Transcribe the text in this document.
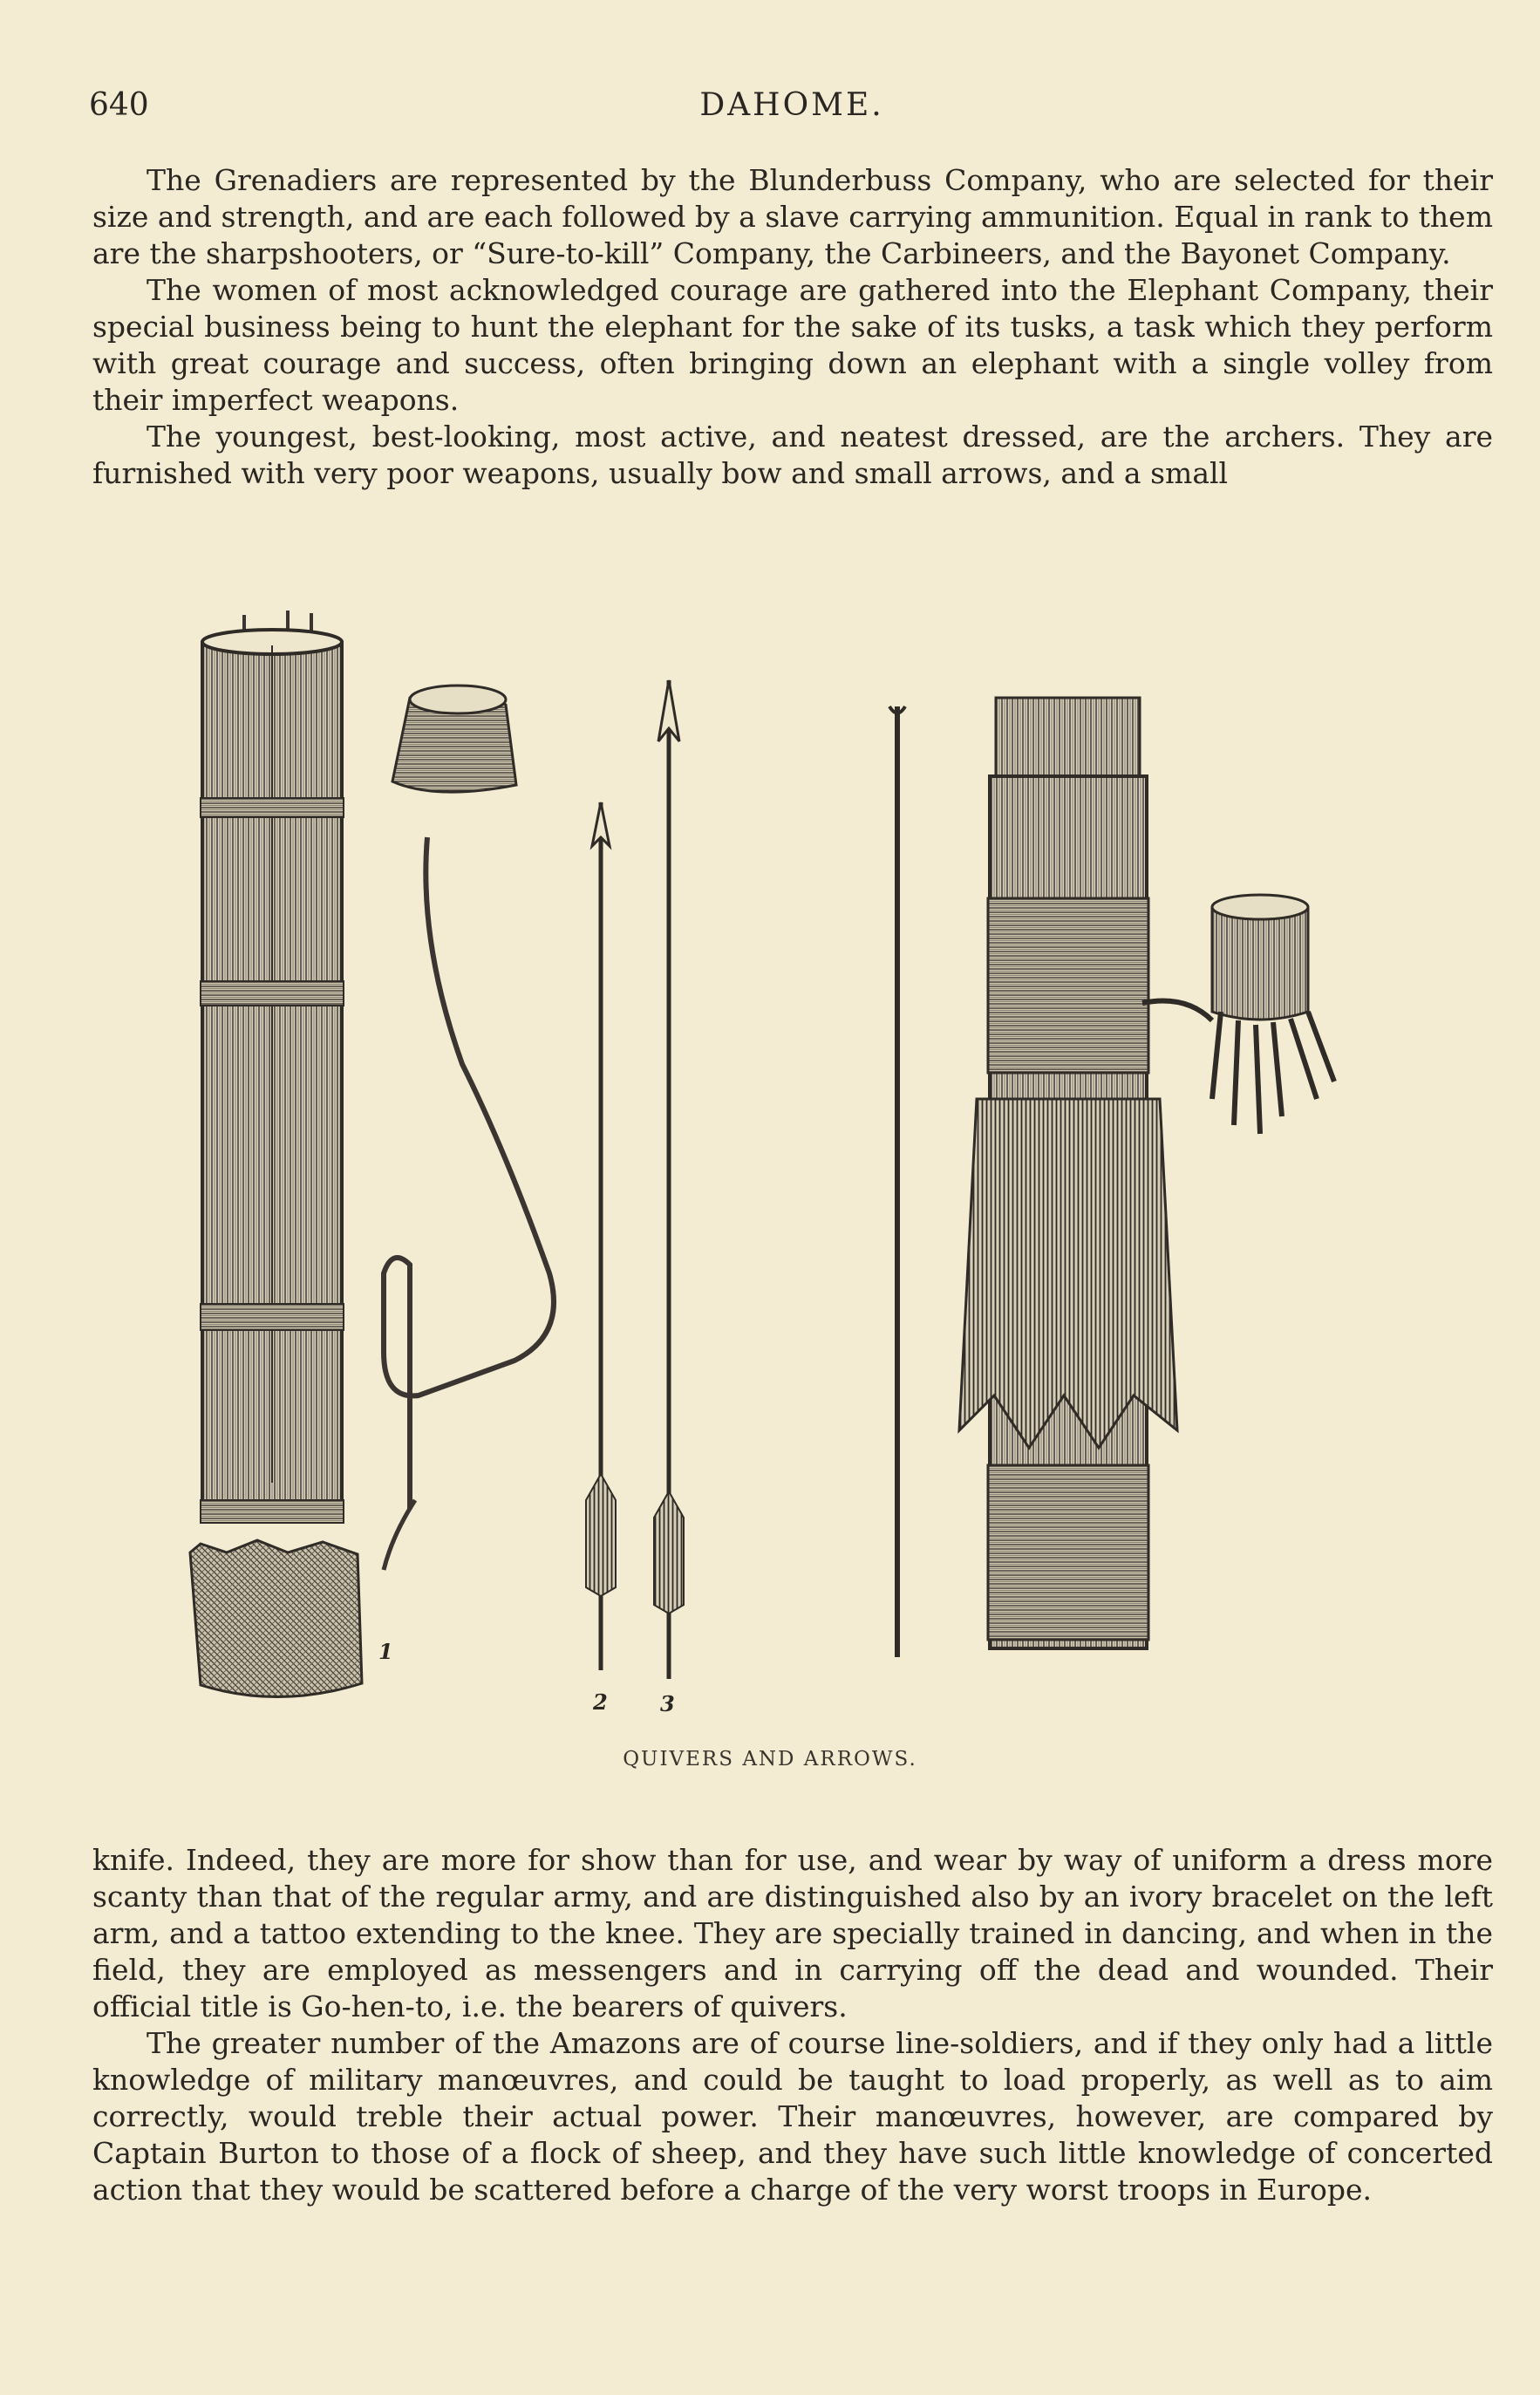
640	DAHOME.

The Grenadiers are represented by the Blunderbuss Company, who are selected for their size and strength, and are each followed by a slave carrying ammunition. Equal in rank to them are the sharpshooters, or “Sure-to-kill” Company, the Carbineers, and the Bayonet Company.

The women of most acknowledged courage are gathered into the Elephant Company, their special business being to hunt the elephant for the sake of its tusks, a task which they perform with great courage and success, often bringing down an elephant with a single volley from their imperfect weapons.

The youngest, best-looking, most active, and neatest dressed, are the archers. They are furnished with very poor weapons, usually bow and small arrows, and a small

1
2	3
QUIVERS AND ARROWS.

knife. Indeed, they are more for show than for use, and wear by way of uniform a dress more scanty than that of the regular army, and are distinguished also by an ivory bracelet on the left arm, and a tattoo extending to the knee. They are specially trained in dancing, and when in the field, they are employed as messengers and in carrying off the dead and wounded. Their official title is Go-hen-to, i.e. the bearers of quivers.

The greater number of the Amazons are of course line-soldiers, and if they only had a little knowledge of military manœuvres, and could be taught to load properly, as well as to aim correctly, would treble their actual power. Their manœuvres, however, are compared by Captain Burton to those of a flock of sheep, and they have such little knowledge of concerted action that they would be scattered before a charge of the very worst troops in Europe.
